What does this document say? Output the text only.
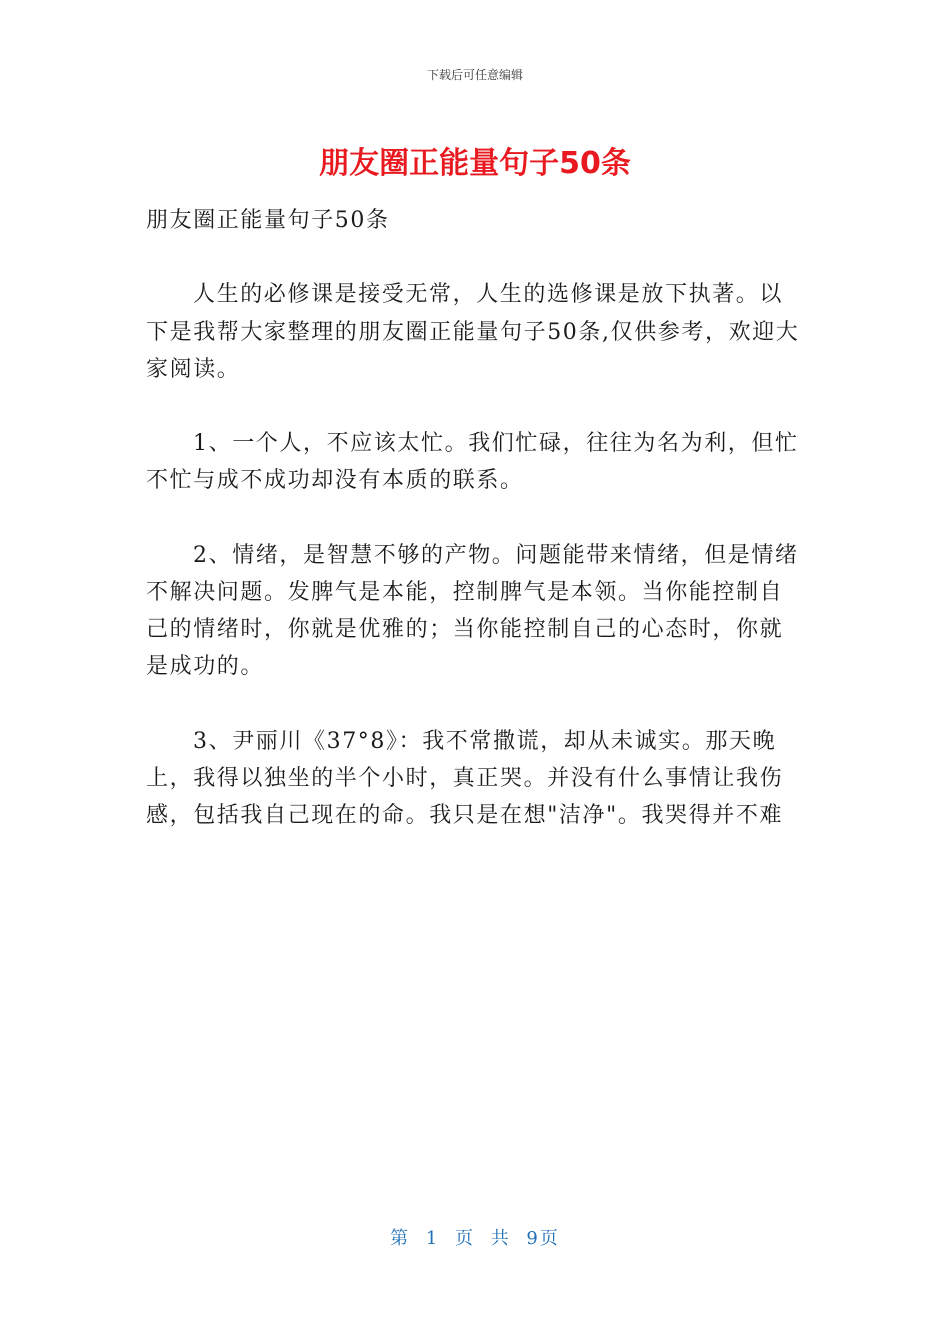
下载后可任意编辑
朋友圈正能量句子50条

朋友圈正能量句子50条

人生的必修课是接受无常，人生的选修课是放下执著。以下是我帮大家整理的朋友圈正能量句子50条,仅供参考，欢迎大家阅读。

1、一个人，不应该太忙。我们忙碌，往往为名为利，但忙不忙与成不成功却没有本质的联系。

2、情绪，是智慧不够的产物。问题能带来情绪，但是情绪不解决问题。发脾气是本能，控制脾气是本领。当你能控制自己的情绪时，你就是优雅的；当你能控制自己的心态时，你就是成功的。

3、尹丽川《37°8》：我不常撒谎，却从未诚实。那天晚上，我得以独坐的半个小时，真正哭。并没有什么事情让我伤感，包括我自己现在的命。我只是在想"洁净"。我哭得并不难

第 1 页 共 9页
